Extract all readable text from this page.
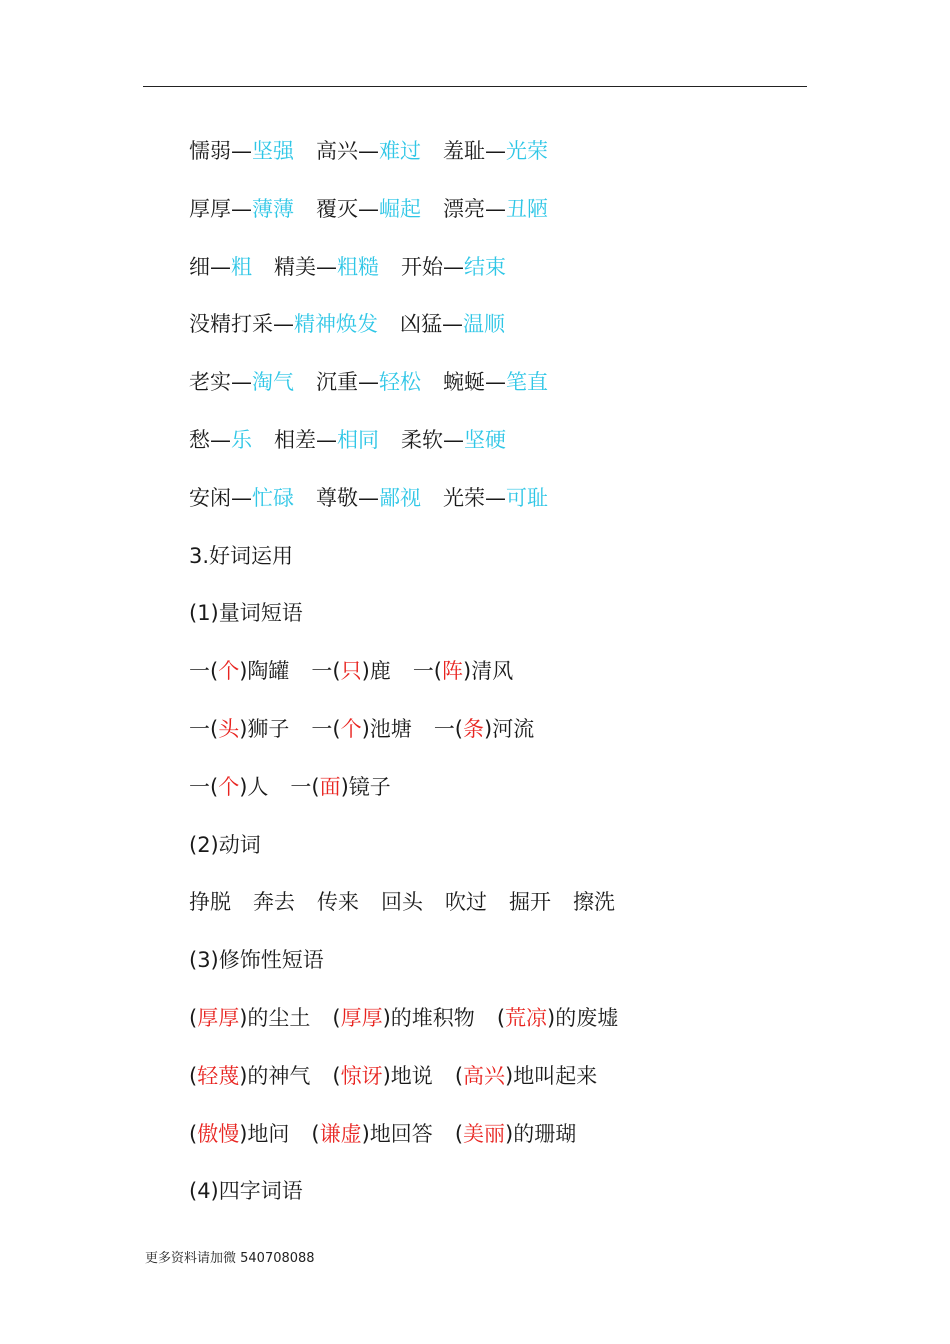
懦弱—坚强 高兴—难过 羞耻—光荣
厚厚—薄薄 覆灭—崛起 漂亮—丑陋
细—粗 精美—粗糙 开始—结束
没精打采—精神焕发 凶猛—温顺
老实—淘气 沉重—轻松 蜿蜒—笔直
愁—乐 相差—相同 柔软—坚硬
安闲—忙碌 尊敬—鄙视 光荣—可耻
3.好词运用
(1)量词短语
一(个)陶罐 一(只)鹿 一(阵)清风
一(头)狮子 一(个)池塘 一(条)河流
一(个)人 一(面)镜子
(2)动词
挣脱 奔去 传来 回头 吹过 掘开 擦洗
(3)修饰性短语
(厚厚)的尘土 (厚厚)的堆积物 (荒凉)的废墟
(轻蔑)的神气 (惊讶)地说 (高兴)地叫起来
(傲慢)地问 (谦虚)地回答 (美丽)的珊瑚
(4)四字词语
更多资料请加微 540708088
